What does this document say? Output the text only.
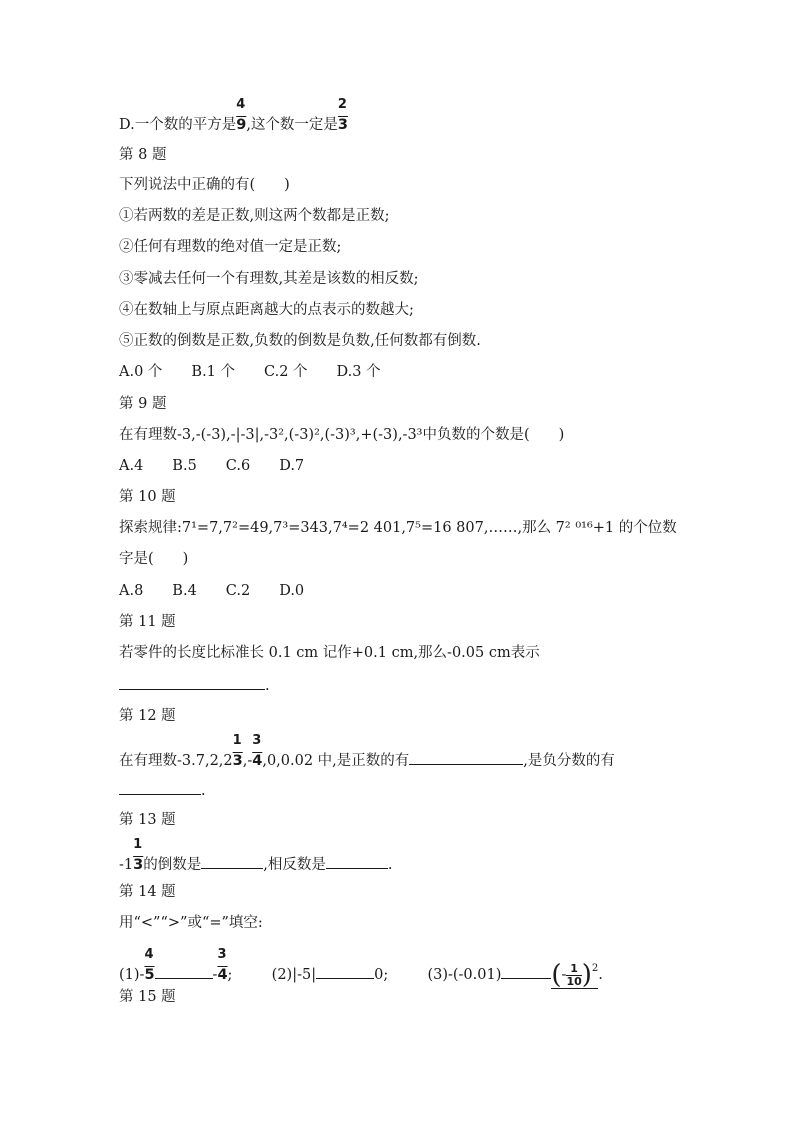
D.一个数的平方是 $\frac{4}{9}$,这个数一定是 $\frac{2}{3}$
第 8 题
下列说法中正确的有(　　)
①若两数的差是正数,则这两个数都是正数;
②任何有理数的绝对值一定是正数;
③零减去任何一个有理数,其差是该数的相反数;
④在数轴上与原点距离越大的点表示的数越大;
⑤正数的倒数是正数,负数的倒数是负数,任何数都有倒数.
A.0 个　　B.1 个　　C.2 个　　D.3 个
第 9 题
在有理数-3,-(-3),-|-3|,-3²,(-3)²,(-3)³,+(-3),-3³中负数的个数是(　　)
A.4　　B.5　　C.6　　D.7
第 10 题
探索规律:7¹=7,7²=49,7³=343,7⁴=2 401,7⁵=16 807,……,那么 7² ⁰¹⁶+1 的个位数
字是(　　)
A.8　　B.4　　C.2　　D.0
第 11 题
若零件的长度比标准长 0.1 cm 记作+0.1 cm,那么-0.05 cm表示
.
第 12 题
在有理数$-3.7,2,2 \frac{1}{3},- \frac{3}{4},0,0.02$ 中,是正数的有	,是负分数的有
.
第 13 题
$-1 \frac{1}{3}$的倒数是	,相反数是	.
第 14 题
用“<”“>”或“=”填空:
$(1)- \frac{4}{5}$	- $\frac{3}{4}$;	(2)|-5|	0;	(3)-(-0.01) (- $\frac{1}{10} )^2$.
第 15 题
